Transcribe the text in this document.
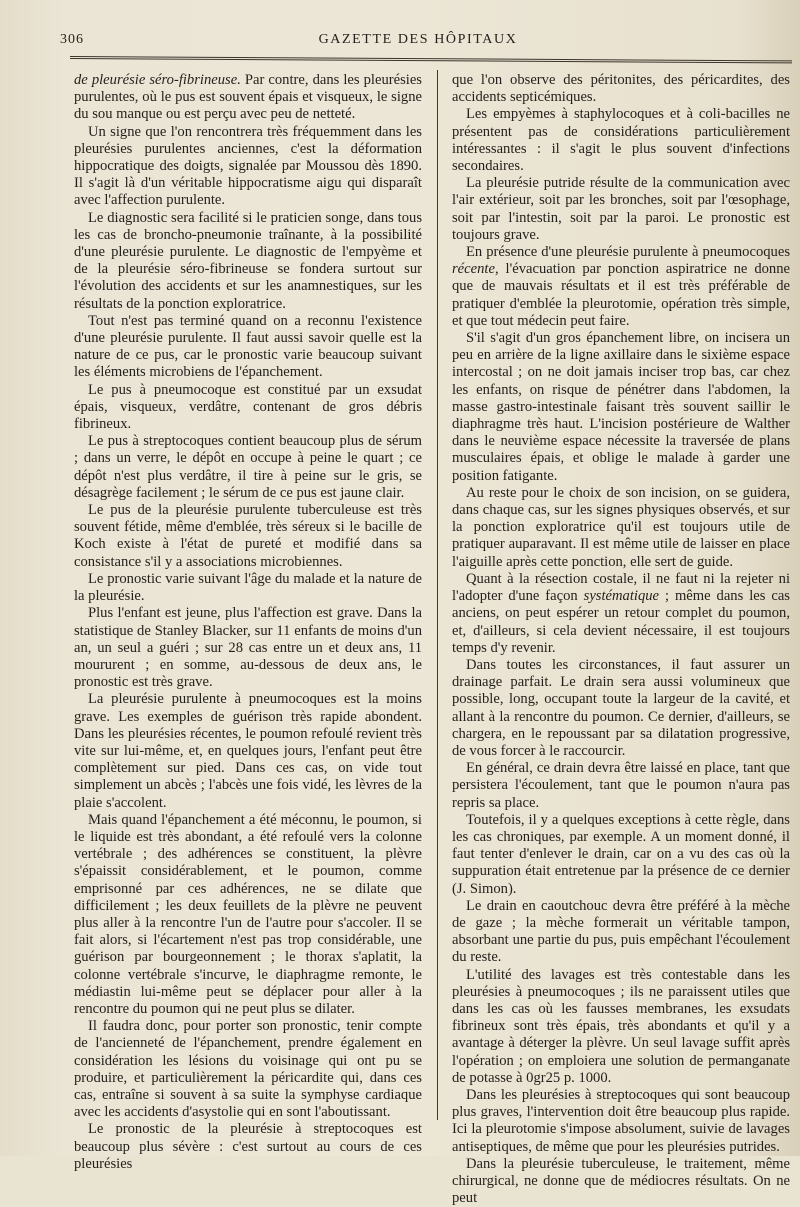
306	GAZETTE DES HÔPITAUX

de pleurésie séro-fibrineuse. Par contre, dans les pleurésies purulentes, où le pus est souvent épais et visqueux, le signe du sou manque ou est perçu avec peu de netteté.

Un signe que l'on rencontrera très fréquemment dans les pleurésies purulentes anciennes, c'est la déformation hippocratique des doigts, signalée par Moussou dès 1890. Il s'agit là d'un véritable hippocratisme aigu qui disparaît avec l'affection purulente.

Le diagnostic sera facilité si le praticien songe, dans tous les cas de broncho-pneumonie traînante, à la possibilité d'une pleurésie purulente. Le diagnostic de l'empyème et de la pleurésie séro-fibrineuse se fondera surtout sur l'évolution des accidents et sur les anamnestiques, sur les résultats de la ponction exploratrice.

Tout n'est pas terminé quand on a reconnu l'existence d'une pleurésie purulente. Il faut aussi savoir quelle est la nature de ce pus, car le pronostic varie beaucoup suivant les éléments microbiens de l'épanchement.

Le pus à pneumocoque est constitué par un exsudat épais, visqueux, verdâtre, contenant de gros débris fibrineux.

Le pus à streptocoques contient beaucoup plus de sérum ; dans un verre, le dépôt en occupe à peine le quart ; ce dépôt n'est plus verdâtre, il tire à peine sur le gris, se désagrège facilement ; le sérum de ce pus est jaune clair.

Le pus de la pleurésie purulente tuberculeuse est très souvent fétide, même d'emblée, très séreux si le bacille de Koch existe à l'état de pureté et modifié dans sa consistance s'il y a associations microbiennes.

Le pronostic varie suivant l'âge du malade et la nature de la pleurésie.

Plus l'enfant est jeune, plus l'affection est grave. Dans la statistique de Stanley Blacker, sur 11 enfants de moins d'un an, un seul a guéri ; sur 28 cas entre un et deux ans, 11 moururent ; en somme, au-dessous de deux ans, le pronostic est très grave.

La pleurésie purulente à pneumocoques est la moins grave. Les exemples de guérison très rapide abondent. Dans les pleurésies récentes, le poumon refoulé revient très vite sur lui-même, et, en quelques jours, l'enfant peut être complètement sur pied. Dans ces cas, on vide tout simplement un abcès ; l'abcès une fois vidé, les lèvres de la plaie s'accolent.

Mais quand l'épanchement a été méconnu, le poumon, si le liquide est très abondant, a été refoulé vers la colonne vertébrale ; des adhérences se constituent, la plèvre s'épaissit considérablement, et le poumon, comme emprisonné par ces adhérences, ne se dilate que difficilement ; les deux feuillets de la plèvre ne peuvent plus aller à la rencontre l'un de l'autre pour s'accoler. Il se fait alors, si l'écartement n'est pas trop considérable, une guérison par bourgeonnement ; le thorax s'aplatit, la colonne vertébrale s'incurve, le diaphragme remonte, le médiastin lui-même peut se déplacer pour aller à la rencontre du poumon qui ne peut plus se dilater.

Il faudra donc, pour porter son pronostic, tenir compte de l'ancienneté de l'épanchement, prendre également en considération les lésions du voisinage qui ont pu se produire, et particulièrement la péricardite qui, dans ces cas, entraîne si souvent à sa suite la symphyse cardiaque avec les accidents d'asystolie qui en sont l'aboutissant.

Le pronostic de la pleurésie à streptocoques est beaucoup plus sévère : c'est surtout au cours de ces pleurésies

que l'on observe des péritonites, des péricardites, des accidents septicémiques.

Les empyèmes à staphylocoques et à coli-bacilles ne présentent pas de considérations particulièrement intéressantes : il s'agit le plus souvent d'infections secondaires.

La pleurésie putride résulte de la communication avec l'air extérieur, soit par les bronches, soit par l'œsophage, soit par l'intestin, soit par la paroi. Le pronostic est toujours grave.

En présence d'une pleurésie purulente à pneumocoques récente, l'évacuation par ponction aspiratrice ne donne que de mauvais résultats et il est très préférable de pratiquer d'emblée la pleurotomie, opération très simple, et que tout médecin peut faire.

S'il s'agit d'un gros épanchement libre, on incisera un peu en arrière de la ligne axillaire dans le sixième espace intercostal ; on ne doit jamais inciser trop bas, car chez les enfants, on risque de pénétrer dans l'abdomen, la masse gastro-intestinale faisant très souvent saillir le diaphragme très haut. L'incision postérieure de Walther dans le neuvième espace nécessite la traversée de plans musculaires épais, et oblige le malade à garder une position fatigante.

Au reste pour le choix de son incision, on se guidera, dans chaque cas, sur les signes physiques observés, et sur la ponction exploratrice qu'il est toujours utile de pratiquer auparavant. Il est même utile de laisser en place l'aiguille après cette ponction, elle sert de guide.

Quant à la résection costale, il ne faut ni la rejeter ni l'adopter d'une façon systématique ; même dans les cas anciens, on peut espérer un retour complet du poumon, et, d'ailleurs, si cela devient nécessaire, il est toujours temps d'y revenir.

Dans toutes les circonstances, il faut assurer un drainage parfait. Le drain sera aussi volumineux que possible, long, occupant toute la largeur de la cavité, et allant à la rencontre du poumon. Ce dernier, d'ailleurs, se chargera, en le repoussant par sa dilatation progressive, de vous forcer à le raccourcir.

En général, ce drain devra être laissé en place, tant que persistera l'écoulement, tant que le poumon n'aura pas repris sa place.

Toutefois, il y a quelques exceptions à cette règle, dans les cas chroniques, par exemple. A un moment donné, il faut tenter d'enlever le drain, car on a vu des cas où la suppuration était entretenue par la présence de ce dernier (J. Simon).

Le drain en caoutchouc devra être préféré à la mèche de gaze ; la mèche formerait un véritable tampon, absorbant une partie du pus, puis empêchant l'écoulement du reste.

L'utilité des lavages est très contestable dans les pleurésies à pneumocoques ; ils ne paraissent utiles que dans les cas où les fausses membranes, les exsudats fibrineux sont très épais, très abondants et qu'il y a avantage à déterger la plèvre. Un seul lavage suffit après l'opération ; on emploiera une solution de permanganate de potasse à 0gr25 p. 1000.

Dans les pleurésies à streptocoques qui sont beaucoup plus graves, l'intervention doit être beaucoup plus rapide. Ici la pleurotomie s'impose absolument, suivie de lavages antiseptiques, de même que pour les pleurésies putrides.

Dans la pleurésie tuberculeuse, le traitement, même chirurgical, ne donne que de médiocres résultats. On ne peut
